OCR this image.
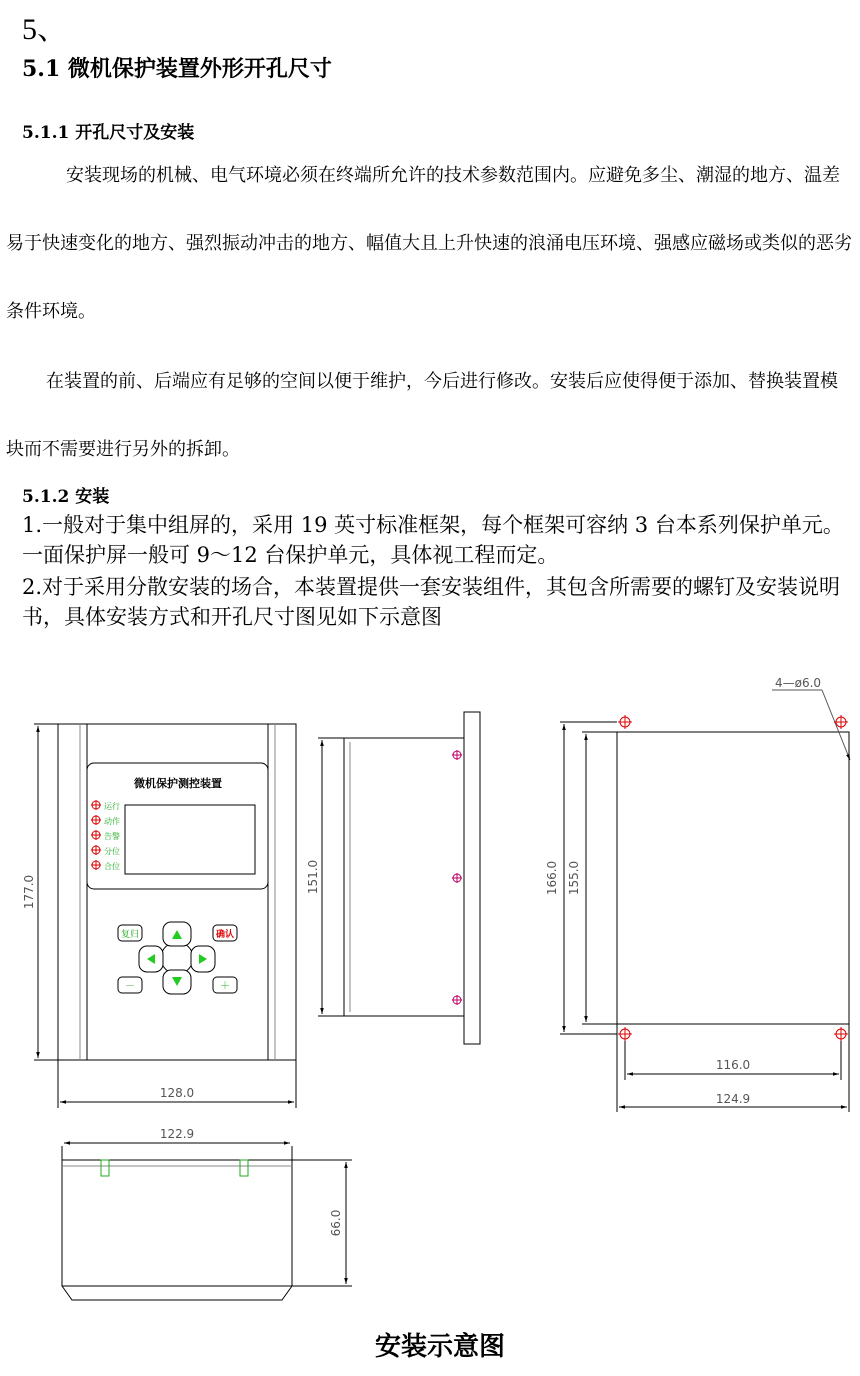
5、
5.1 微机保护装置外形开孔尺寸
5.1.1 开孔尺寸及安装

安装现场的机械、电气环境必须在终端所允许的技术参数范围内。应避免多尘、潮湿的地方、温差易于快速变化的地方、强烈振动冲击的地方、幅值大且上升快速的浪涌电压环境、强感应磁场或类似的恶劣条件环境。

在装置的前、后端应有足够的空间以便于维护，今后进行修改。安装后应使得便于添加、替换装置模块而不需要进行另外的拆卸。

5.1.2 安装

1.一般对于集中组屏的，采用 19 英寸标准框架，每个框架可容纳 3 台本系列保护单元。一面保护屏一般可 9～12 台保护单元，具体视工程而定。

2.对于采用分散安装的场合，本装置提供一套安装组件，其包含所需要的螺钉及安装说明书，具体安装方式和开孔尺寸图见如下示意图

微机保护测控装置
运行
动作
告警
分位
合位
复归	确认
－	＋
177.0
128.0
151.0
4—ø6.0
166.0 155.0
116.0
124.9
122.9
66.0
安装示意图
